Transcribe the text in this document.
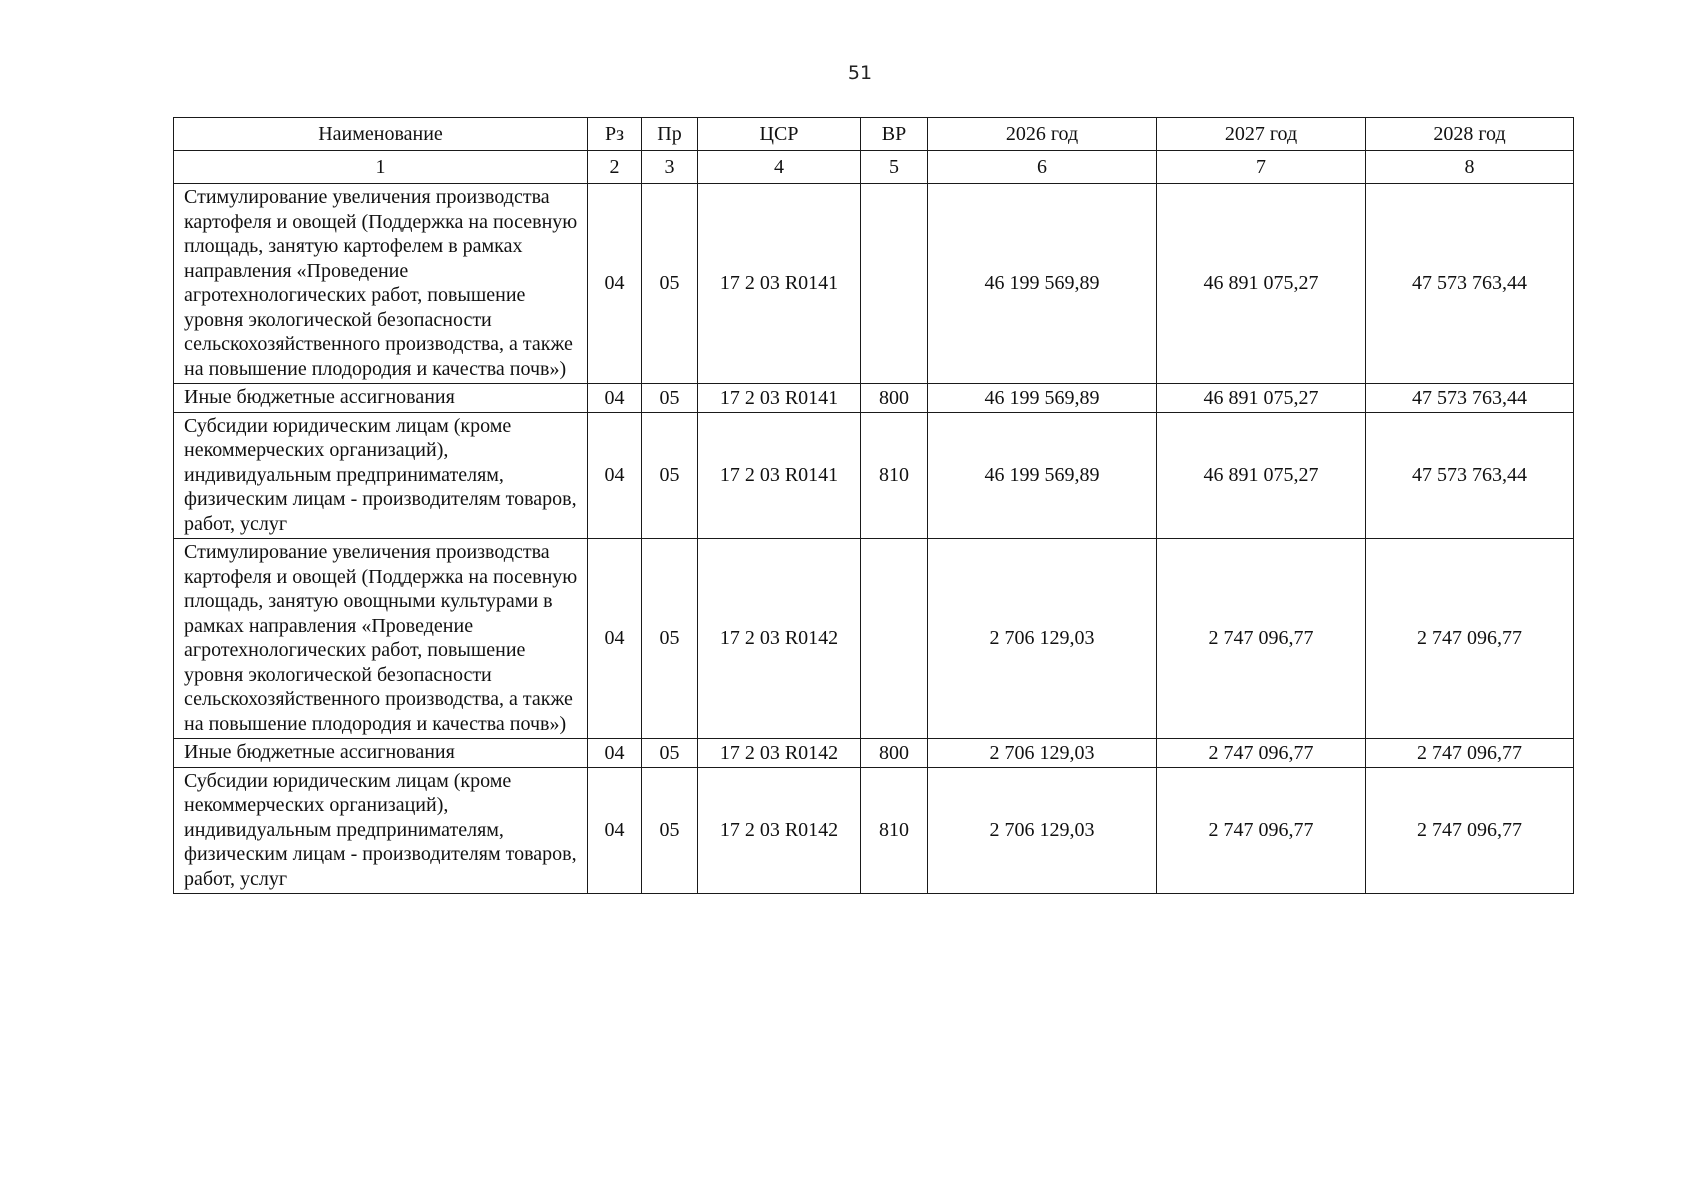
51
Наименование	Рз	Пр	ЦСР	ВР	2026 год	2027 год	2028 год
1	2	3	4	5	6	7	8
Стимулирование увеличения производства картофеля и овощей (Поддержка на посевную площадь, занятую картофелем в рамках направления «Проведение агротехнологических работ, повышение уровня экологической безопасности сельскохозяйственного производства, а также на повышение плодородия и качества почв»)	04	05	17 2 03 R0141		46 199 569,89	46 891 075,27	47 573 763,44
Иные бюджетные ассигнования	04	05	17 2 03 R0141	800	46 199 569,89	46 891 075,27	47 573 763,44
Субсидии юридическим лицам (кроме некоммерческих организаций), индивидуальным предпринимателям, физическим лицам - производителям товаров, работ, услуг	04	05	17 2 03 R0141	810	46 199 569,89	46 891 075,27	47 573 763,44
Стимулирование увеличения производства картофеля и овощей (Поддержка на посевную площадь, занятую овощными культурами в рамках направления «Проведение агротехнологических работ, повышение уровня экологической безопасности сельскохозяйственного производства, а также на повышение плодородия и качества почв»)	04	05	17 2 03 R0142		2 706 129,03	2 747 096,77	2 747 096,77
Иные бюджетные ассигнования	04	05	17 2 03 R0142	800	2 706 129,03	2 747 096,77	2 747 096,77
Субсидии юридическим лицам (кроме некоммерческих организаций), индивидуальным предпринимателям, физическим лицам - производителям товаров, работ, услуг	04	05	17 2 03 R0142	810	2 706 129,03	2 747 096,77	2 747 096,77
